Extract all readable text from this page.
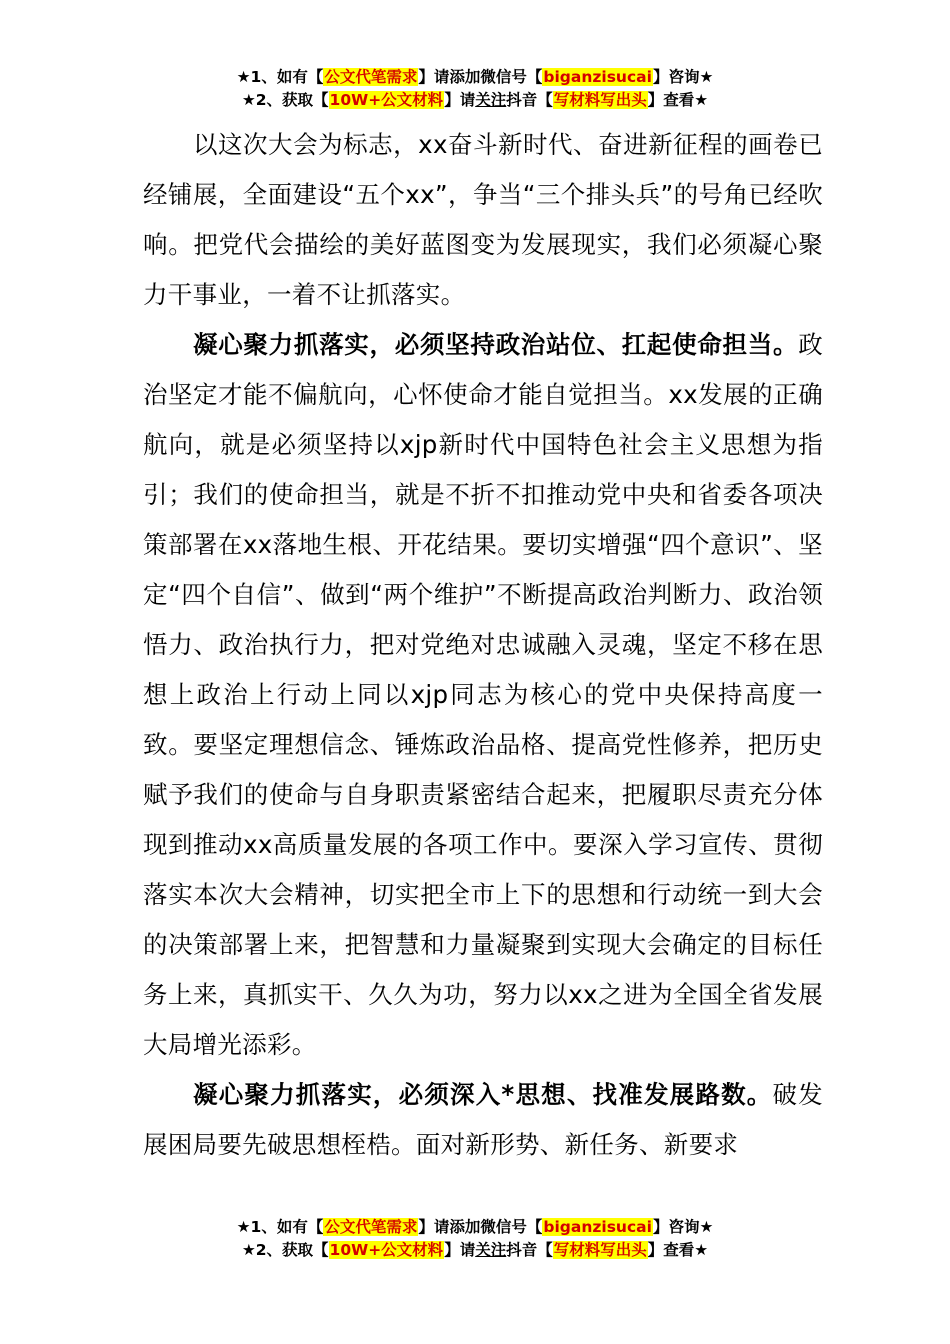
★1、如有【公文代笔需求】请添加微信号【biganzisucai】咨询★
★2、获取【10W+公文材料】请关注抖音【写材料写出头】查看★

以这次大会为标志，xx奋斗新时代、奋进新征程的画卷已经铺展，全面建设“五个xx”，争当“三个排头兵”的号角已经吹响。把党代会描绘的美好蓝图变为发展现实，我们必须凝心聚力干事业，一着不让抓落实。

凝心聚力抓落实，必须坚持政治站位、扛起使命担当。政治坚定才能不偏航向，心怀使命才能自觉担当。xx发展的正确航向，就是必须坚持以xjp新时代中国特色社会主义思想为指引；我们的使命担当，就是不折不扣推动党中央和省委各项决策部署在xx落地生根、开花结果。要切实增强“四个意识”、坚定“四个自信”、做到“两个维护”不断提高政治判断力、政治领悟力、政治执行力，把对党绝对忠诚融入灵魂，坚定不移在思想上政治上行动上同以xjp同志为核心的党中央保持高度一致。要坚定理想信念、锤炼政治品格、提高党性修养，把历史赋予我们的使命与自身职责紧密结合起来，把履职尽责充分体现到推动xx高质量发展的各项工作中。要深入学习宣传、贯彻落实本次大会精神，切实把全市上下的思想和行动统一到大会的决策部署上来，把智慧和力量凝聚到实现大会确定的目标任务上来，真抓实干、久久为功，努力以xx之进为全国全省发展大局增光添彩。

凝心聚力抓落实，必须深入*思想、找准发展路数。破发展困局要先破思想桎梏。面对新形势、新任务、新要求

★1、如有【公文代笔需求】请添加微信号【biganzisucai】咨询★
★2、获取【10W+公文材料】请关注抖音【写材料写出头】查看★
